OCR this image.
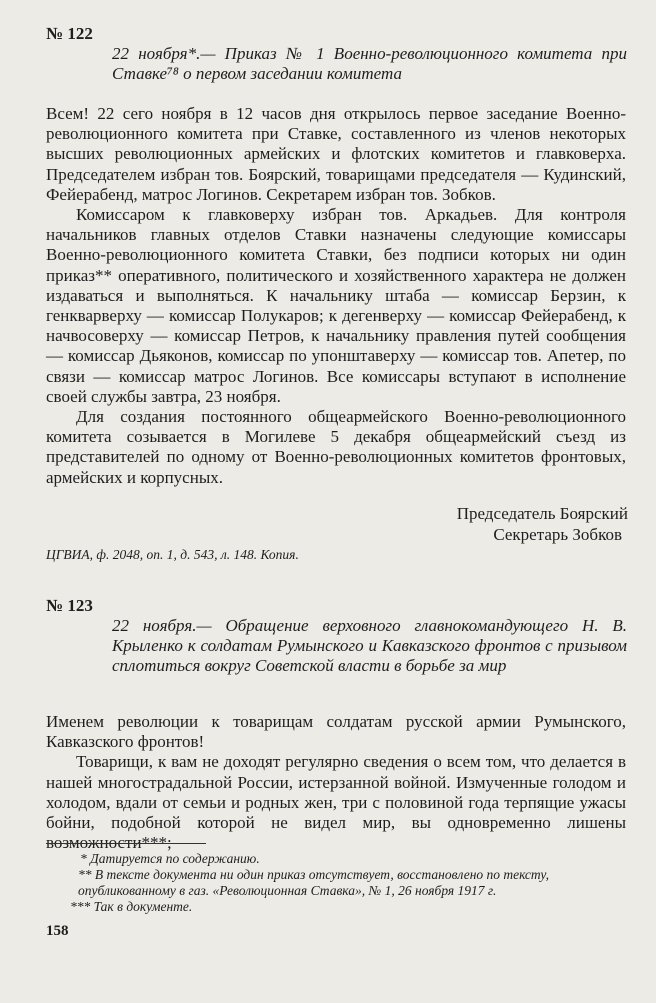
№ 122
22 ноября*.— Приказ № 1 Военно-революционного комитета при Ставке⁷⁸ о первом заседании комитета

Всем! 22 сего ноября в 12 часов дня открылось первое заседание Военно-революционного комитета при Ставке, составленного из членов некоторых высших революционных армейских и флотских комитетов и главковерха. Председателем избран тов. Боярский, товарищами председателя — Кудинский, Фейерабенд, матрос Логинов. Секретарем избран тов. Зобков.

Комиссаром к главковерху избран тов. Аркадьев. Для контроля начальников главных отделов Ставки назначены следующие комиссары Военно-революционного комитета Ставки, без подписи которых ни один приказ** оперативного, политического и хозяйственного характера не должен издаваться и выполняться. К начальнику штаба — комиссар Берзин, к генкварверху — комиссар Полукаров; к дегенверху — комиссар Фейерабенд, к начвосоверху — комиссар Петров, к начальнику правления путей сообщения — комиссар Дьяконов, комиссар по упонштаверху — комиссар тов. Апетер, по связи — комиссар матрос Логинов. Все комиссары вступают в исполнение своей службы завтра, 23 ноября.

Для создания постоянного общеармейского Военно-революционного комитета созывается в Могилеве 5 декабря общеармейский съезд из представителей по одному от Военно-революционных комитетов фронтовых, армейских и корпусных.

Председатель Боярский
Секретарь Зобков
ЦГВИА, ф. 2048, оп. 1, д. 543, л. 148. Копия.
№ 123
22 ноября.— Обращение верховного главнокомандующего Н. В. Крыленко к солдатам Румынского и Кавказского фронтов с призывом сплотиться вокруг Советской власти в борьбе за мир

Именем революции к товарищам солдатам русской армии Румынского, Кавказского фронтов!

Товарищи, к вам не доходят регулярно сведения о всем том, что делается в нашей многострадальной России, истерзанной войной. Измученные голодом и холодом, вдали от семьи и родных жен, три с половиной года терпящие ужасы бойни, подобной которой не видел мир, вы одновременно лишены возможности***;

* Датируется по содержанию.
** В тексте документа ни один приказ отсутствует, восстановлено по тексту, опубликованному в газ. «Революционная Ставка», № 1, 26 ноября 1917 г.
*** Так в документе.
158
